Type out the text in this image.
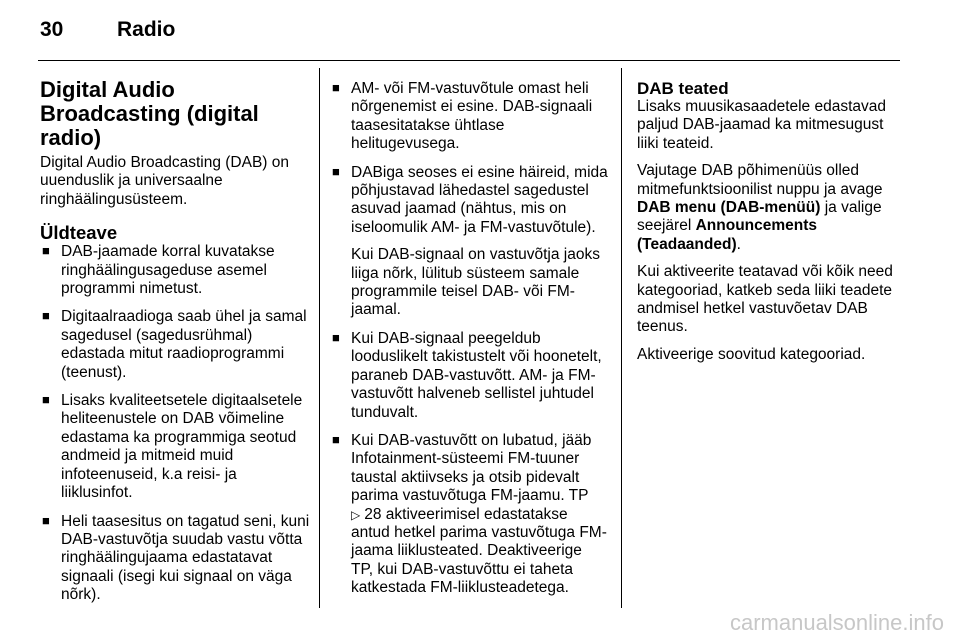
30	Radio
Digital Audio Broadcasting (digital radio)

Digital Audio Broadcasting (DAB) on uuenduslik ja universaalne ringhäälingusüsteem.

Üldteave
■ DAB-jaamade korral kuvatakse ringhäälingusageduse asemel programmi nimetust.
■ Digitaalraadioga saab ühel ja samal sagedusel (sagedusrühmal) edastada mitut raadioprogrammi (teenust).
■ Lisaks kvaliteetsetele digitaalsetele heliteenustele on DAB võimeline edastama ka programmiga seotud andmeid ja mitmeid muid infoteenuseid, k.a reisi- ja liiklusinfot.
■ Heli taasesitus on tagatud seni, kuni DAB-vastuvõtja suudab vastu võtta ringhäälingujaama edastatavat signaali (isegi kui signaal on väga nõrk).
■ AM- või FM-vastuvõtule omast heli nõrgenemist ei esine. DAB-signaali taasesitatakse ühtlase helitugevusega.
■ DABiga seoses ei esine häireid, mida põhjustavad lähedastel sagedustel asuvad jaamad (nähtus, mis on iseloomulik AM- ja FM-vastuvõtule).
Kui DAB-signaal on vastuvõtja jaoks liiga nõrk, lülitub süsteem samale programmile teisel DAB- või FM-jaamal.
■ Kui DAB-signaal peegeldub looduslikelt takistustelt või hoonetelt, paraneb DAB-vastuvõtt. AM- ja FM-vastuvõtt halveneb sellistel juhtudel tunduvalt.
■ Kui DAB-vastuvõtt on lubatud, jääb Infotainment-süsteemi FM-tuuner taustal aktiivseks ja otsib pidevalt parima vastuvõtuga FM-jaamu. TP
▷ 28 aktiveerimisel edastatakse antud hetkel parima vastuvõtuga FM-jaama liiklusteated. Deaktiveerige TP, kui DAB-vastuvõttu ei taheta katkestada FM-liiklusteadetega.
DAB teated

Lisaks muusikasaadetele edastavad paljud DAB-jaamad ka mitmesugust liiki teateid.

Vajutage DAB põhimenüüs olled mitmefunktsioonilist nuppu ja avage DAB menu (DAB-menüü) ja valige seejärel Announcements (Teadaanded).

Kui aktiveerite teatavad või kõik need kategooriad, katkeb seda liiki teadete andmisel hetkel vastuvõetav DAB teenus.

Aktiveerige soovitud kategooriad.

carmanualsonline.info
